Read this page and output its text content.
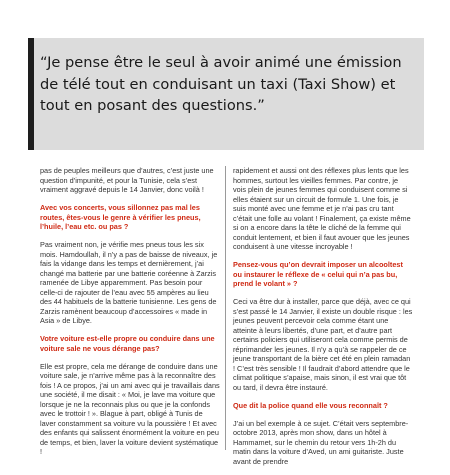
“Je pense être le seul à avoir animé une émission de télé tout en conduisant un taxi (Taxi Show) et tout en posant des questions.”

pas de peuples meilleurs que d’autres, c’est juste une question d’impunité, et pour la Tunisie, cela s’est vraiment aggravé depuis le 14 Janvier, donc voilà !

Avec vos concerts, vous sillonnez pas mal les routes, êtes-vous le genre à vérifier les pneus, l’huile, l’eau etc. ou pas ?

Pas vraiment non, je vérifie mes pneus tous les six mois. Hamdoullah, il n’y a pas de baisse de niveaux, je fais la vidange dans les temps et dernièrement, j’ai changé ma batterie par une batterie coréenne à Zarzis ramenée de Libye apparemment. Pas besoin pour celle-ci de rajouter de l’eau avec 55 ampères au lieu des 44 habituels de la batterie tunisienne. Les gens de Zarzis ramènent beaucoup d’accessoires « made in Asia » de Libye.

Votre voiture est-elle propre ou conduire dans une voiture sale ne vous dérange pas?

Elle est propre, cela me dérange de conduire dans une voiture sale, je n’arrive même pas à la reconnaître des fois ! A ce propos, j’ai un ami avec qui je travaillais dans une société, il me disait : « Moi, je lave ma voiture que lorsque je ne la reconnais plus ou que je la confonds avec le trottoir ! ». Blague à part, obligé à Tunis de laver constamment sa voiture vu la poussière ! Et avec des enfants qui salissent énormément la voiture en peu de temps, et bien, laver la voiture devient systématique !

rapidement et aussi ont des réflexes plus lents que les hommes, surtout les vieilles femmes. Par contre, je vois plein de jeunes femmes qui conduisent comme si elles étaient sur un circuit de formule 1. Une fois, je suis monté avec une femme et je n’ai pas cru tant c’était une folle au volant ! Finalement, ça existe même si on a encore dans la tête le cliché de la femme qui conduit lentement, et bien il faut avouer que les jeunes conduisent à une vitesse incroyable !

Pensez-vous qu’on devrait imposer un alcooltest ou instaurer le réflexe de « celui qui n’a pas bu, prend le volant » ?

Ceci va être dur à installer, parce que déjà, avec ce qui s’est passé le 14 Janvier, il existe un double risque : les jeunes peuvent percevoir cela comme étant une atteinte à leurs libertés, d’une part, et d’autre part certains policiers qui utiliseront cela comme permis de réprimander les jeunes. Il n’y a qu’à se rappeler de ce jeune transportant de la bière cet été en plein ramadan ! C’est très sensible ! Il faudrait d’abord attendre que le climat politique s’apaise, mais sinon, il est vrai que tôt ou tard, il devra être instauré.

Que dit la police quand elle vous reconnaît ?

J’ai un bel exemple à ce sujet. C’était vers septembre- octobre 2013, après mon show, dans un hôtel à Hammamet, sur le chemin du retour vers 1h-2h du matin dans la voiture d’Aved, un ami guitariste. Juste avant de prendre
